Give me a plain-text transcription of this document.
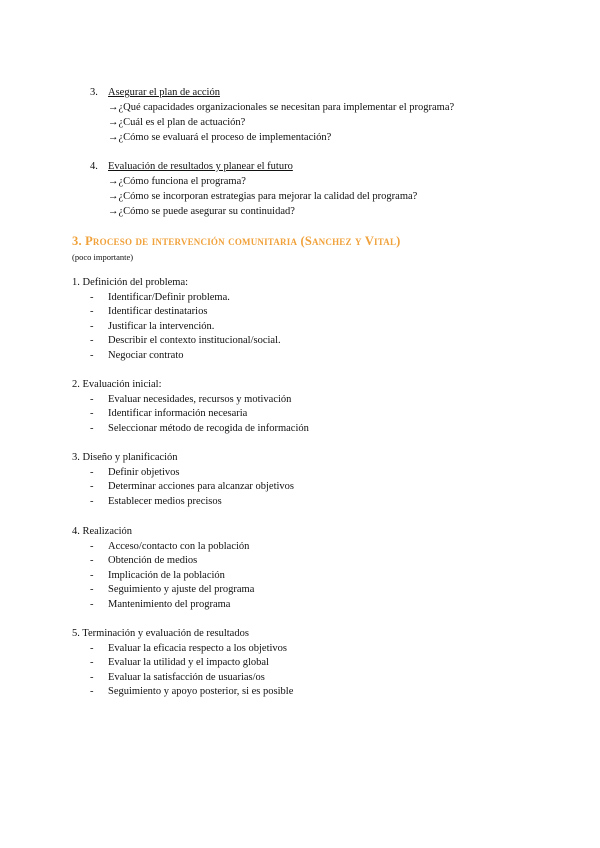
3. Asegurar el plan de acción
→¿Qué capacidades organizacionales se necesitan para implementar el programa?
→¿Cuál es el plan de actuación?
→¿Cómo se evaluará el proceso de implementación?
4. Evaluación de resultados y planear el futuro
→¿Cómo funciona el programa?
→¿Cómo se incorporan estrategias para mejorar la calidad del programa?
→¿Cómo se puede asegurar su continuidad?
3. Proceso de intervención comunitaria (Sanchez y Vital)
(poco importante)
1. Definición del problema:
- Identificar/Definir problema.
- Identificar destinatarios
- Justificar la intervención.
- Describir el contexto institucional/social.
- Negociar contrato
2. Evaluación inicial:
- Evaluar necesidades, recursos y motivación
- Identificar información necesaria
- Seleccionar método de recogida de información
3. Diseño y planificación
- Definir objetivos
- Determinar acciones para alcanzar objetivos
- Establecer medios precisos
4. Realización
- Acceso/contacto con la población
- Obtención de medios
- Implicación de la población
- Seguimiento y ajuste del programa
- Mantenimiento del programa
5. Terminación y evaluación de resultados
- Evaluar la eficacia respecto a los objetivos
- Evaluar la utilidad y el impacto global
- Evaluar la satisfacción de usuarias/os
- Seguimiento y apoyo posterior, si es posible
